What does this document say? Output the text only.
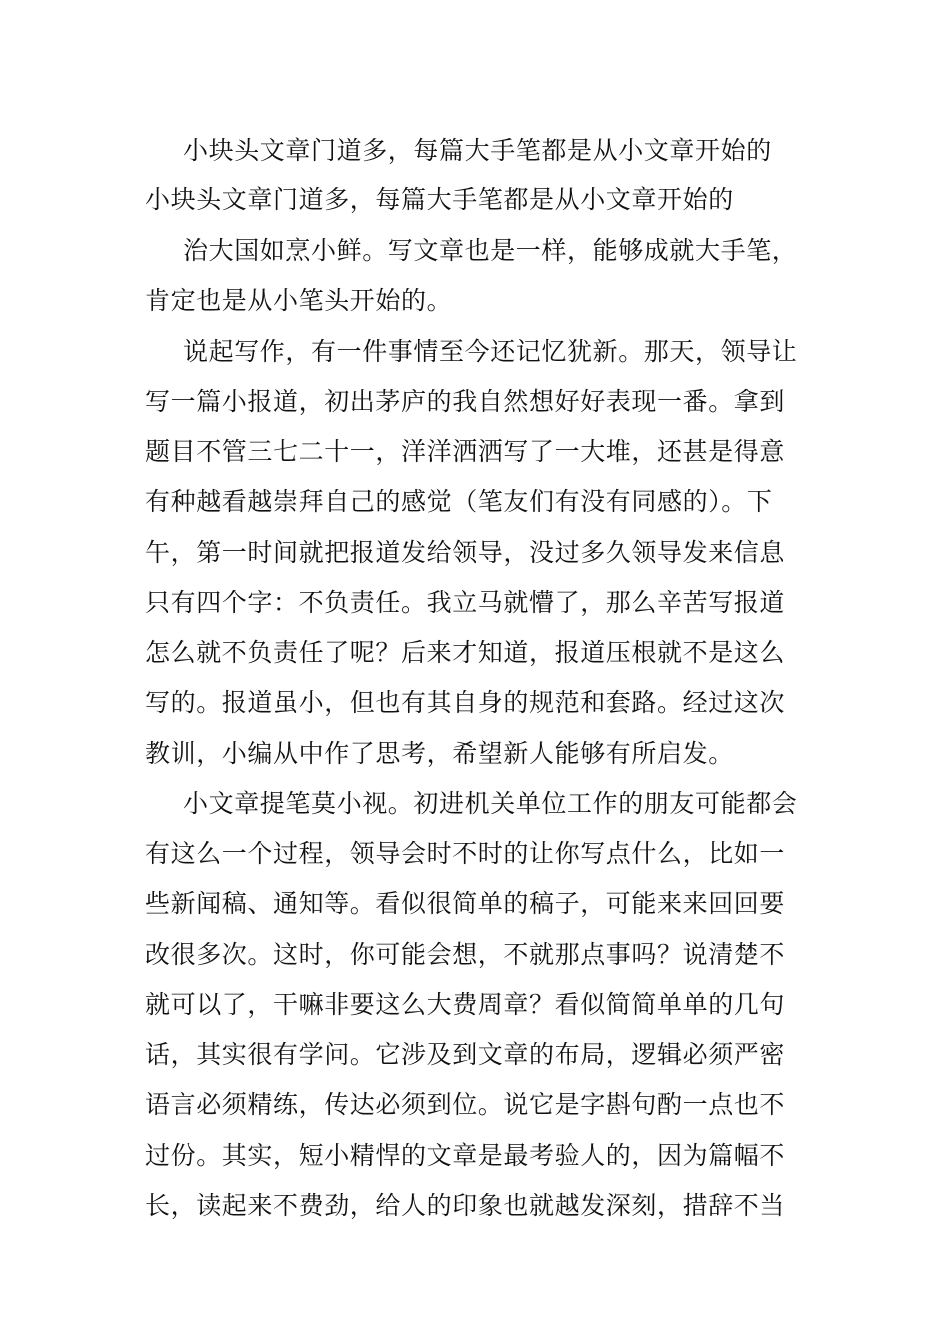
小块头文章门道多，每篇大手笔都是从小文章开始的
小块头文章门道多，每篇大手笔都是从小文章开始的
治大国如烹小鲜。写文章也是一样，能够成就大手笔，
肯定也是从小笔头开始的。
说起写作，有一件事情至今还记忆犹新。那天，领导让
写一篇小报道，初出茅庐的我自然想好好表现一番。拿到
题目不管三七二十一，洋洋洒洒写了一大堆，还甚是得意
有种越看越崇拜自己的感觉（笔友们有没有同感的）。下
午，第一时间就把报道发给领导，没过多久领导发来信息
只有四个字：不负责任。我立马就懵了，那么辛苦写报道
怎么就不负责任了呢？后来才知道，报道压根就不是这么
写的。报道虽小，但也有其自身的规范和套路。经过这次
教训，小编从中作了思考，希望新人能够有所启发。
小文章提笔莫小视。初进机关单位工作的朋友可能都会
有这么一个过程，领导会时不时的让你写点什么，比如一
些新闻稿、通知等。看似很简单的稿子，可能来来回回要
改很多次。这时，你可能会想，不就那点事吗？说清楚不
就可以了，干嘛非要这么大费周章？看似简简单单的几句
话，其实很有学问。它涉及到文章的布局，逻辑必须严密
语言必须精练，传达必须到位。说它是字斟句酌一点也不
过份。其实，短小精悍的文章是最考验人的，因为篇幅不
长，读起来不费劲，给人的印象也就越发深刻，措辞不当
